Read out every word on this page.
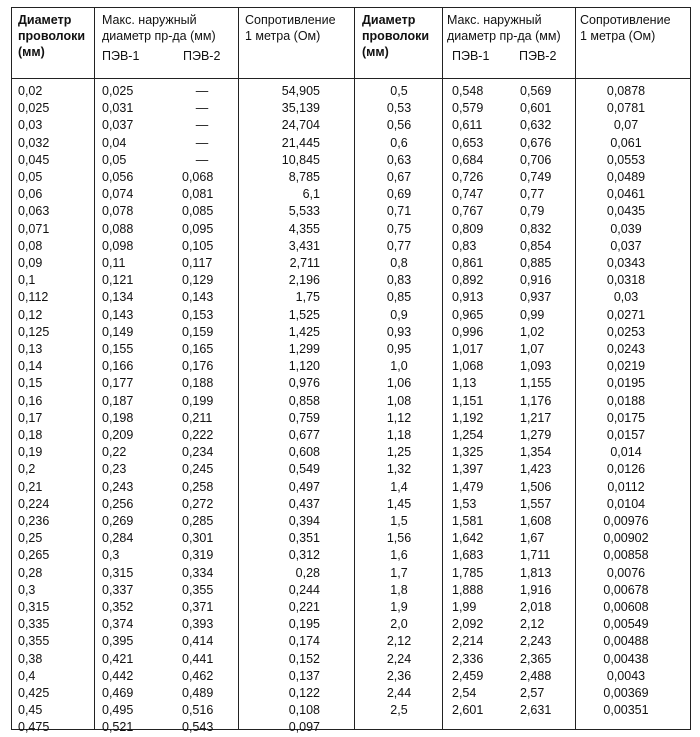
Диаметр
проволоки
(мм)
Макс. наружный
диаметр пр-да (мм)
Сопротивление
1 метра (Ом)
ПЭВ-1	ПЭВ-2
Диаметр
проволоки
(мм)
Макс. наружный
диаметр пр-да (мм)
Сопротивление
1 метра (Ом)
ПЭВ-1 ПЭВ-2
0,02	0,025	—	54,905
0,025	0,031	—	35,139
0,03	0,037	—	24,704
0,032	0,04	—	21,445
0,045	0,05	—	10,845
0,05	0,056	0,068	8,785
0,06	0,074	0,081	6,1
0,063	0,078	0,085	5,533
0,071	0,088	0,095	4,355
0,08	0,098	0,105	3,431
0,09	0,11	0,117	2,711
0,1	0,121	0,129	2,196
0,112	0,134	0,143	1,75
0,12	0,143	0,153	1,525
0,125	0,149	0,159	1,425
0,13	0,155	0,165	1,299
0,14	0,166	0,176	1,120
0,15	0,177	0,188	0,976
0,16	0,187	0,199	0,858
0,17	0,198	0,211	0,759
0,18	0,209	0,222	0,677
0,19	0,22	0,234	0,608
0,2	0,23	0,245	0,549
0,21	0,243	0,258	0,497
0,224	0,256	0,272	0,437
0,236	0,269	0,285	0,394
0,25	0,284	0,301	0,351
0,265	0,3	0,319	0,312
0,28	0,315	0,334	0,28
0,3	0,337	0,355	0,244
0,315	0,352	0,371	0,221
0,335	0,374	0,393	0,195
0,355	0,395	0,414	0,174
0,38	0,421	0,441	0,152
0,4	0,442	0,462	0,137
0,425	0,469	0,489	0,122
0,45	0,495	0,516	0,108
0,475	0,521	0,543	0,097
0,5	0,548	0,569	0,0878
0,53	0,579	0,601	0,0781
0,56	0,611	0,632	0,07
0,6	0,653	0,676	0,061
0,63	0,684	0,706	0,0553
0,67	0,726	0,749	0,0489
0,69	0,747	0,77	0,0461
0,71	0,767	0,79	0,0435
0,75	0,809	0,832	0,039
0,77	0,83	0,854	0,037
0,8	0,861	0,885	0,0343
0,83	0,892	0,916	0,0318
0,85	0,913	0,937	0,03
0,9	0,965	0,99	0,0271
0,93	0,996	1,02	0,0253
0,95	1,017	1,07	0,0243
1,0	1,068	1,093	0,0219
1,06	1,13	1,155	0,0195
1,08	1,151	1,176	0,0188
1,12	1,192	1,217	0,0175
1,18	1,254	1,279	0,0157
1,25	1,325	1,354	0,014
1,32	1,397	1,423	0,0126
1,4	1,479	1,506	0,0112
1,45	1,53	1,557	0,0104
1,5	1,581	1,608	0,00976
1,56	1,642	1,67	0,00902
1,6	1,683	1,711	0,00858
1,7	1,785	1,813	0,0076
1,8	1,888	1,916	0,00678
1,9	1,99	2,018	0,00608
2,0	2,092	2,12	0,00549
2,12	2,214	2,243	0,00488
2,24	2,336	2,365	0,00438
2,36	2,459	2,488	0,0043
2,44	2,54	2,57	0,00369
2,5	2,601	2,631	0,00351
